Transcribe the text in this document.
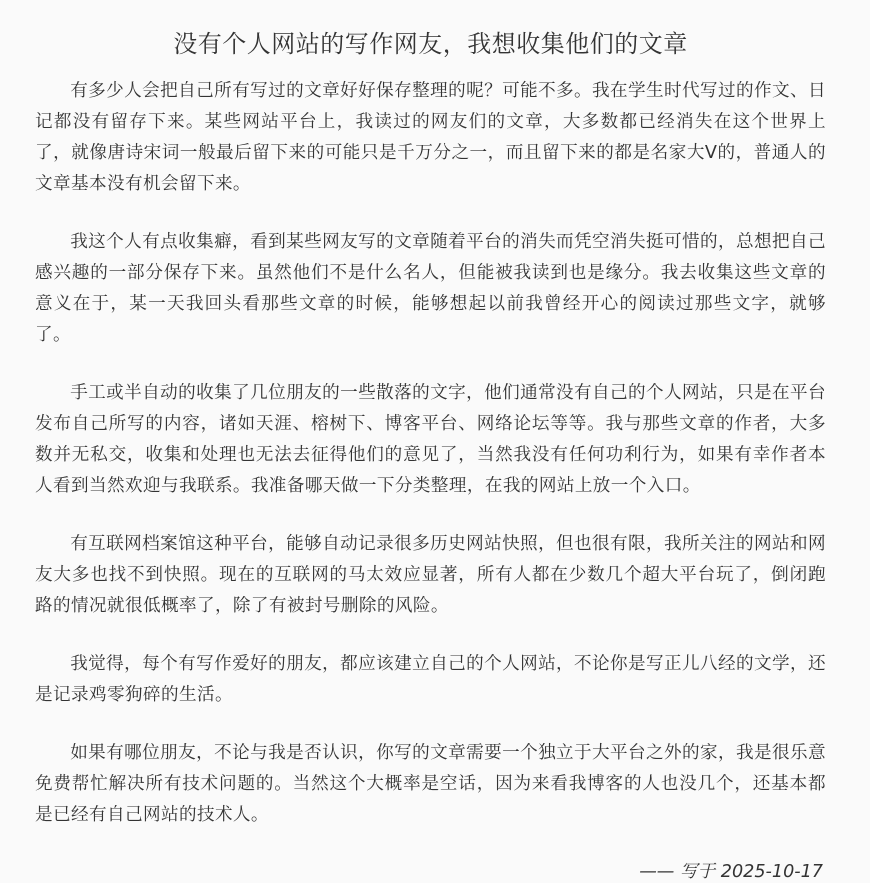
没有个人网站的写作网友，我想收集他们的文章

有多少人会把自己所有写过的文章好好保存整理的呢？可能不多。我在学生时代写过的作文、日记都没有留存下来。某些网站平台上，我读过的网友们的文章，大多数都已经消失在这个世界上了，就像唐诗宋词一般最后留下来的可能只是千万分之一，而且留下来的都是名家大V的，普通人的文章基本没有机会留下来。

我这个人有点收集癖，看到某些网友写的文章随着平台的消失而凭空消失挺可惜的，总想把自己感兴趣的一部分保存下来。虽然他们不是什么名人，但能被我读到也是缘分。我去收集这些文章的意义在于，某一天我回头看那些文章的时候，能够想起以前我曾经开心的阅读过那些文字，就够了。

手工或半自动的收集了几位朋友的一些散落的文字，他们通常没有自己的个人网站，只是在平台发布自己所写的内容，诸如天涯、榕树下、博客平台、网络论坛等等。我与那些文章的作者，大多数并无私交，收集和处理也无法去征得他们的意见了，当然我没有任何功利行为，如果有幸作者本人看到当然欢迎与我联系。我准备哪天做一下分类整理，在我的网站上放一个入口。

有互联网档案馆这种平台，能够自动记录很多历史网站快照，但也很有限，我所关注的网站和网友大多也找不到快照。现在的互联网的马太效应显著，所有人都在少数几个超大平台玩了，倒闭跑路的情况就很低概率了，除了有被封号删除的风险。

我觉得，每个有写作爱好的朋友，都应该建立自己的个人网站，不论你是写正儿八经的文学，还是记录鸡零狗碎的生活。

如果有哪位朋友，不论与我是否认识，你写的文章需要一个独立于大平台之外的家，我是很乐意免费帮忙解决所有技术问题的。当然这个大概率是空话，因为来看我博客的人也没几个，还基本都是已经有自己网站的技术人。

—— 写于 2025-10-17
